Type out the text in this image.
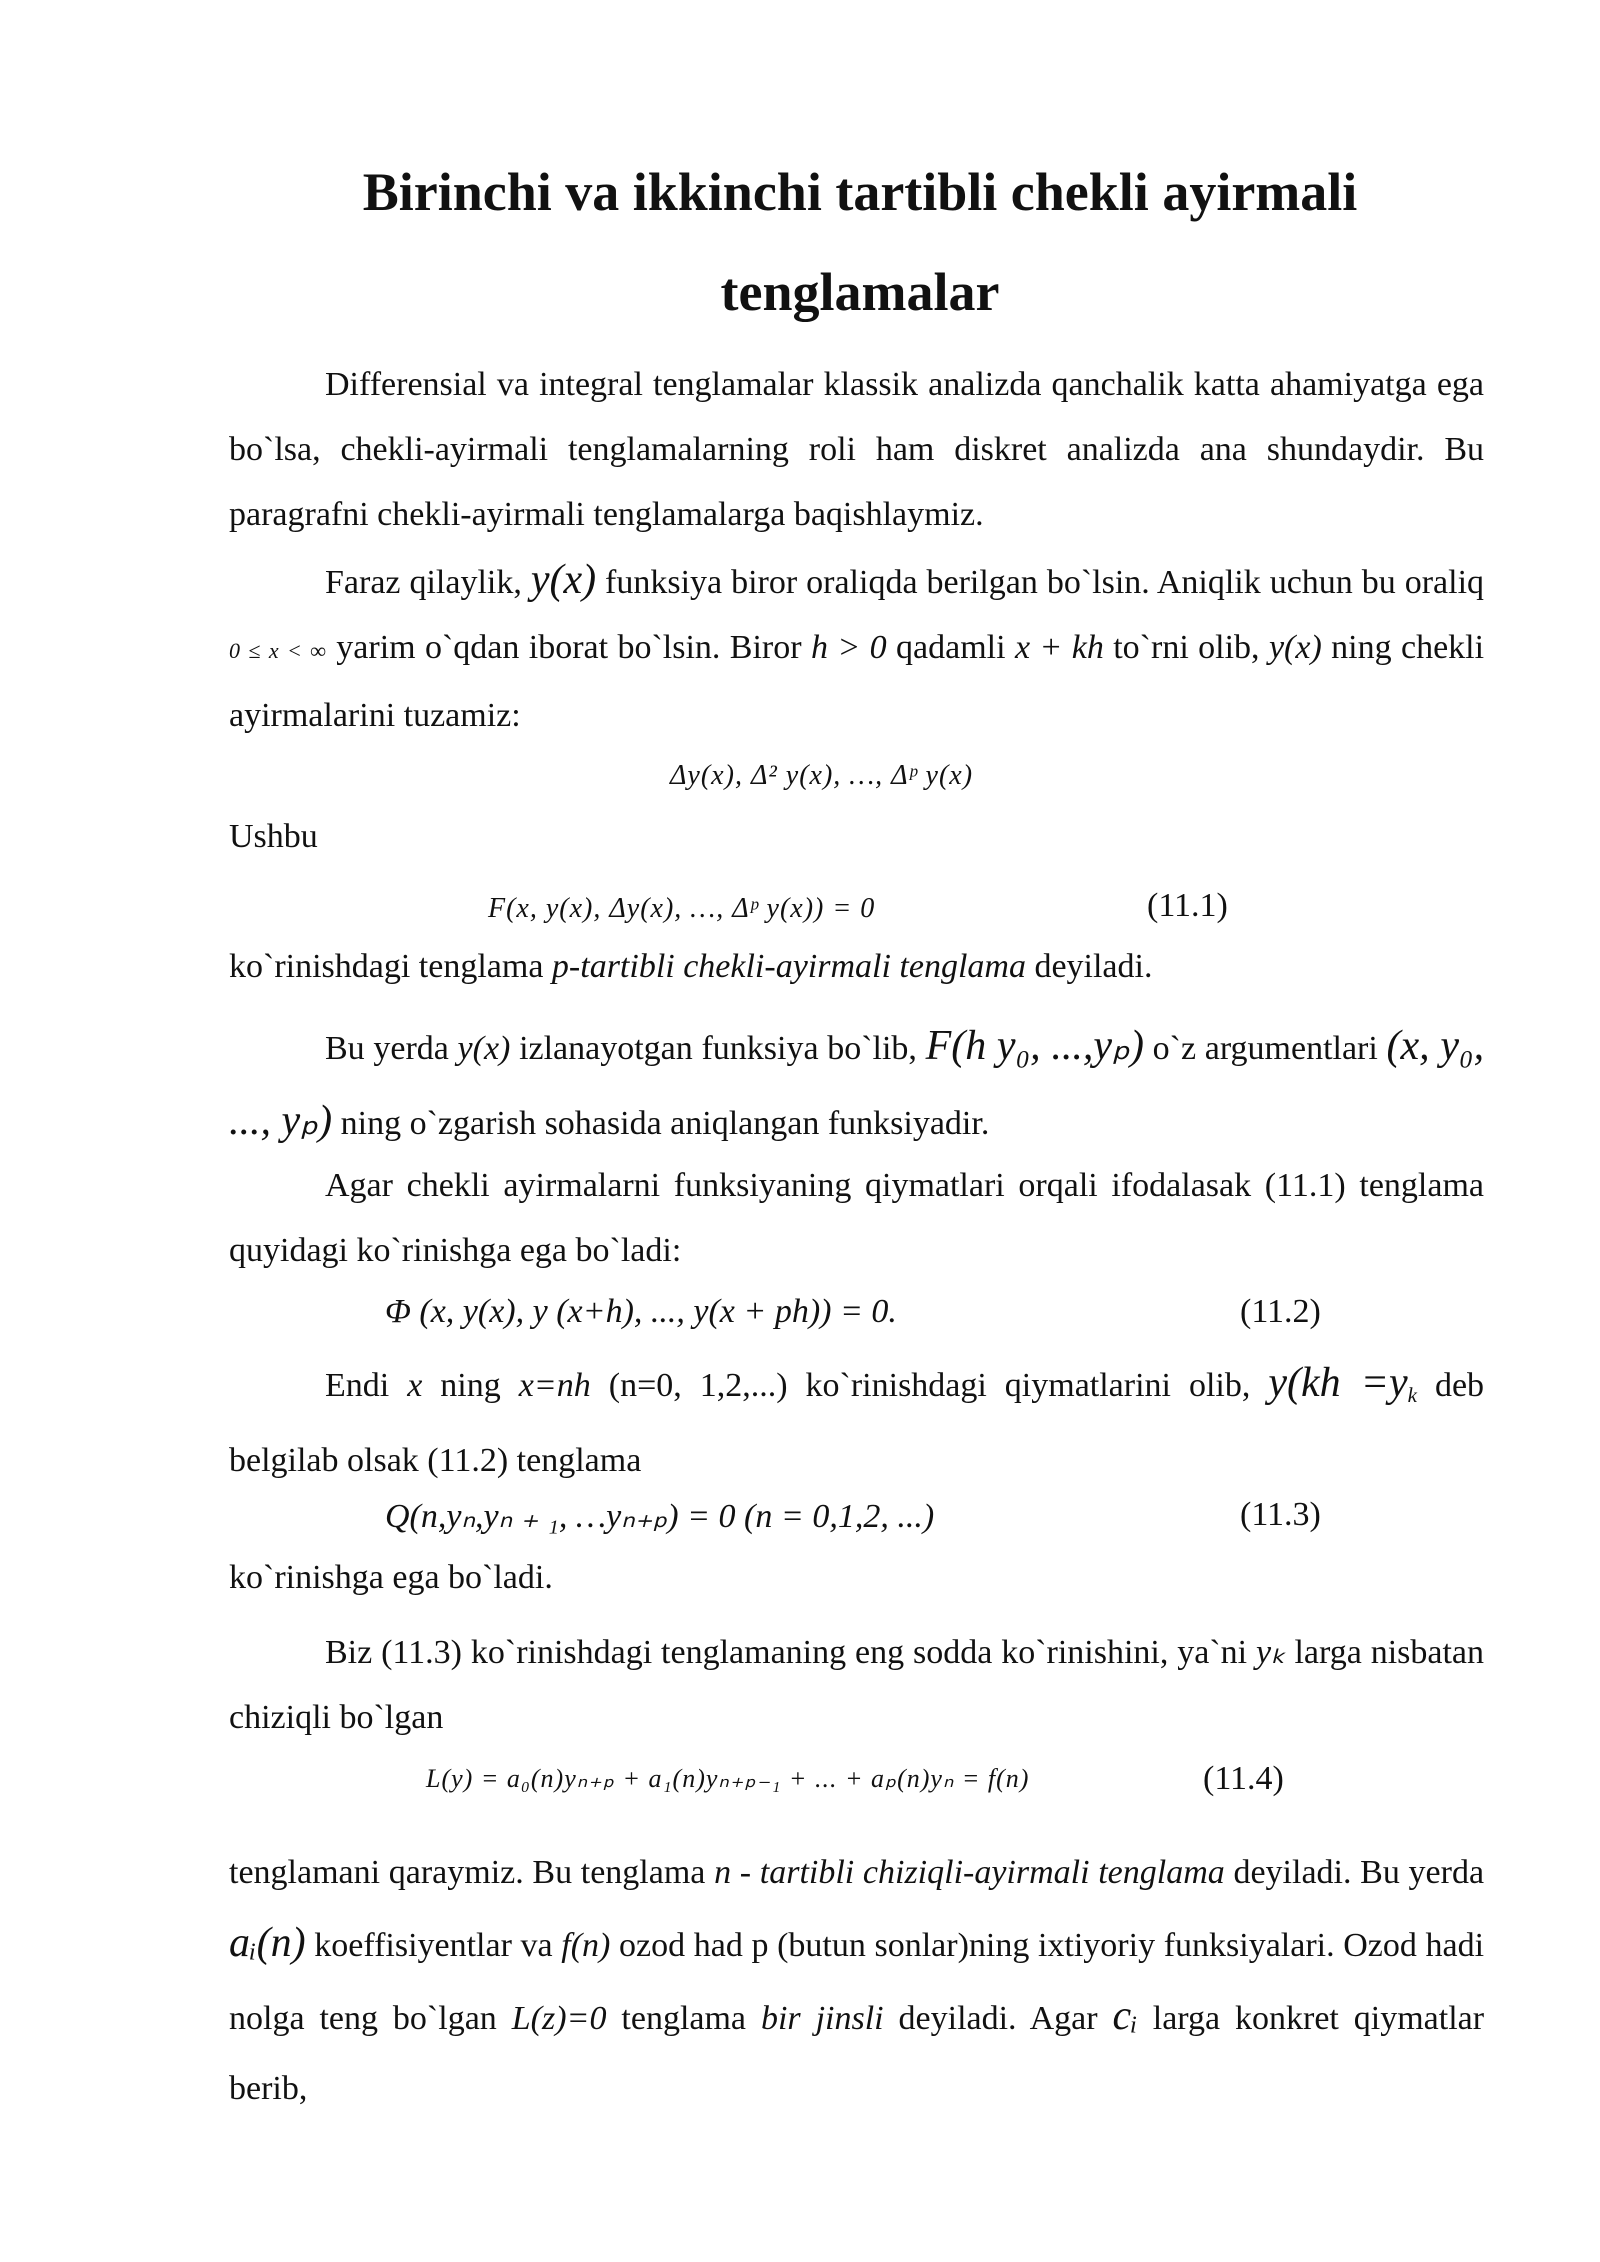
Birinchi va ikkinchi tartibli chekli ayirmali
tenglamalar

Differensial va integral tenglamalar klassik analizda qanchalik katta ahamiyatga ega bo`lsa, chekli-ayirmali tenglamalarning roli ham diskret analizda ana shundaydir. Bu paragrafni chekli-ayirmali tenglamalarga baqishlaymiz.

Faraz qilaylik, y(x) funksiya biror oraliqda berilgan bo`lsin. Aniqlik uchun bu oraliq 0 ≤ x < ∞ yarim o`qdan iborat bo`lsin. Biror h > 0 qadamli x + kh to`rni olib, y(x) ning chekli ayirmalarini tuzamiz:

Δy(x), Δ² y(x), …, Δᵖ y(x)
Ushbu
F(x, y(x), Δy(x), …, Δᵖ y(x)) = 0	(11.1)
ko`rinishdagi tenglama p-tartibli chekli-ayirmali tenglama deyiladi.

Bu yerda y(x) izlanayotgan funksiya bo`lib, F(h y₀, ...,yₚ) o`z argumentlari (x, y₀, ..., yₚ) ning o`zgarish sohasida aniqlangan funksiyadir.

Agar chekli ayirmalarni funksiyaning qiymatlari orqali ifodalasak (11.1) tenglama quyidagi ko`rinishga ega bo`ladi:

Φ (x, y(x), y (x+h), ..., y(x + ph)) = 0.	(11.2)

Endi x ning x=nh (n=0, 1,2,...) ko`rinishdagi qiymatlarini olib, $y(kh =y_k$ deb belgilab olsak (11.2) tenglama

Q(n,yₙ,yₙ ₊ ₁, …yₙ₊ₚ) = 0 (n = 0,1,2, ...)	(11.3)
ko`rinishga ega bo`ladi.

Biz (11.3) ko`rinishdagi tenglamaning eng sodda ko`rinishini, ya`ni yₖ larga nisbatan chiziqli bo`lgan

L(y) = a₀(n)yₙ₊ₚ + a₁(n)yₙ₊ₚ₋₁ + ... + aₚ(n)yₙ = f(n)	(11.4)

tenglamani qaraymiz. Bu tenglama n - tartibli chiziqli-ayirmali tenglama deyiladi. Bu yerda aᵢ(n) koeffisiyentlar va f(n) ozod had p (butun sonlar)ning ixtiyoriy funksiyalari. Ozod hadi nolga teng bo`lgan L(z)=0 tenglama bir jinsli deyiladi. Agar cᵢ larga konkret qiymatlar berib,
